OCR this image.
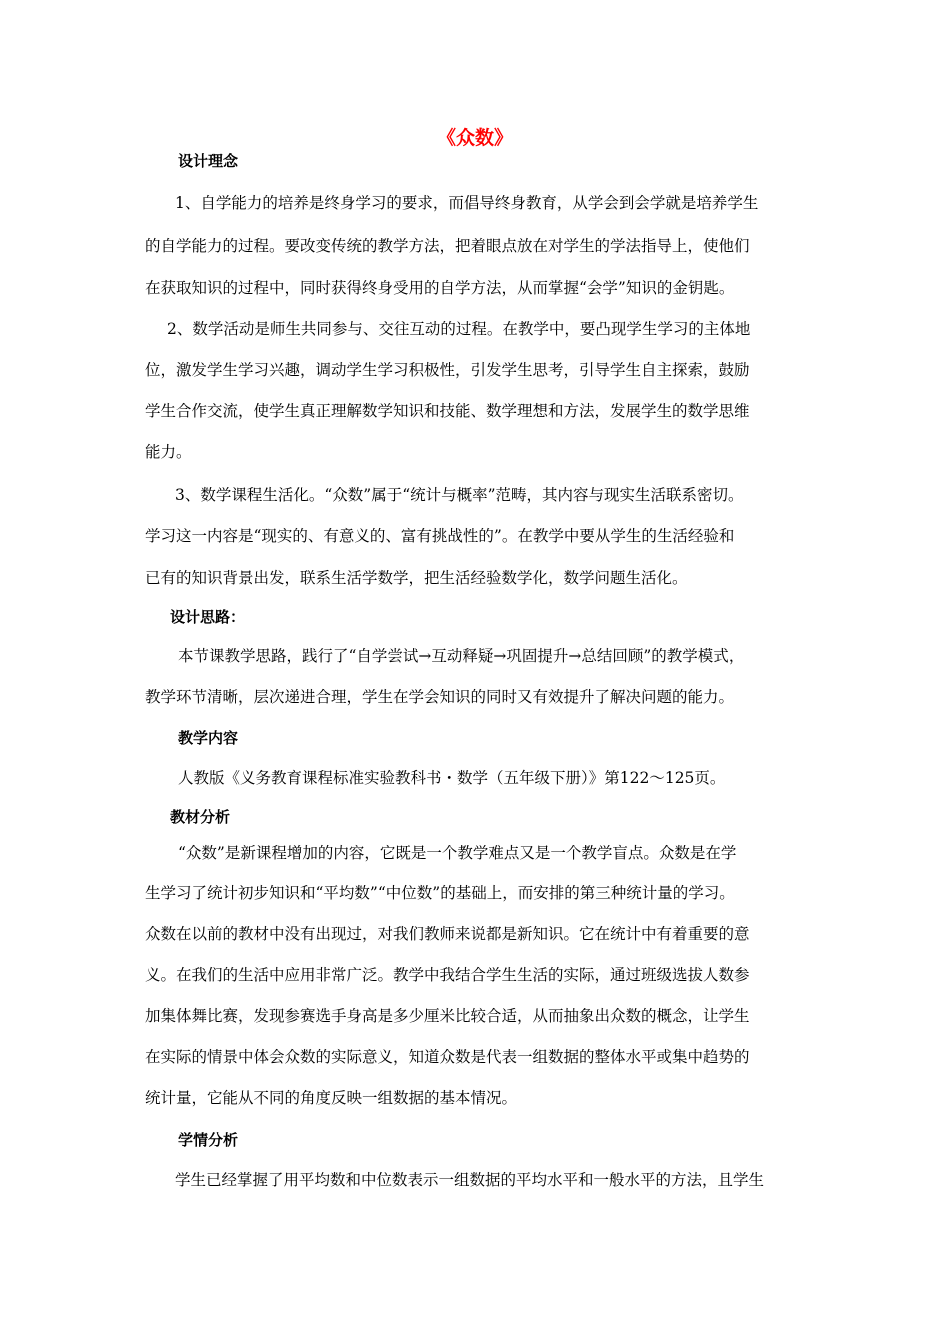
《众数》
设计理念
1、自学能力的培养是终身学习的要求，而倡导终身教育，从学会到会学就是培养学生
的自学能力的过程。要改变传统的教学方法，把着眼点放在对学生的学法指导上，使他们
在获取知识的过程中，同时获得终身受用的自学方法，从而掌握“会学”知识的金钥匙。
2、数学活动是师生共同参与、交往互动的过程。在教学中，要凸现学生学习的主体地
位，激发学生学习兴趣，调动学生学习积极性，引发学生思考，引导学生自主探索，鼓励
学生合作交流，使学生真正理解数学知识和技能、数学理想和方法，发展学生的数学思维
能力。
3、数学课程生活化。“众数”属于“统计与概率”范畴，其内容与现实生活联系密切。
学习这一内容是“现实的、有意义的、富有挑战性的”。在教学中要从学生的生活经验和
已有的知识背景出发，联系生活学数学，把生活经验数学化，数学问题生活化。
设计思路：
本节课教学思路，践行了“自学尝试→互动释疑→巩固提升→总结回顾”的教学模式，
教学环节清晰，层次递进合理，学生在学会知识的同时又有效提升了解决问题的能力。
教学内容
人教版《义务教育课程标准实验教科书・数学（五年级下册）》第122～125页。
教材分析
“众数”是新课程增加的内容，它既是一个教学难点又是一个教学盲点。众数是在学
生学习了统计初步知识和“平均数”“中位数”的基础上，而安排的第三种统计量的学习。
众数在以前的教材中没有出现过，对我们教师来说都是新知识。它在统计中有着重要的意
义。在我们的生活中应用非常广泛。教学中我结合学生生活的实际，通过班级选拔人数参
加集体舞比赛，发现参赛选手身高是多少厘米比较合适，从而抽象出众数的概念，让学生
在实际的情景中体会众数的实际意义，知道众数是代表一组数据的整体水平或集中趋势的
统计量，它能从不同的角度反映一组数据的基本情况。
学情分析
学生已经掌握了用平均数和中位数表示一组数据的平均水平和一般水平的方法，且学生
